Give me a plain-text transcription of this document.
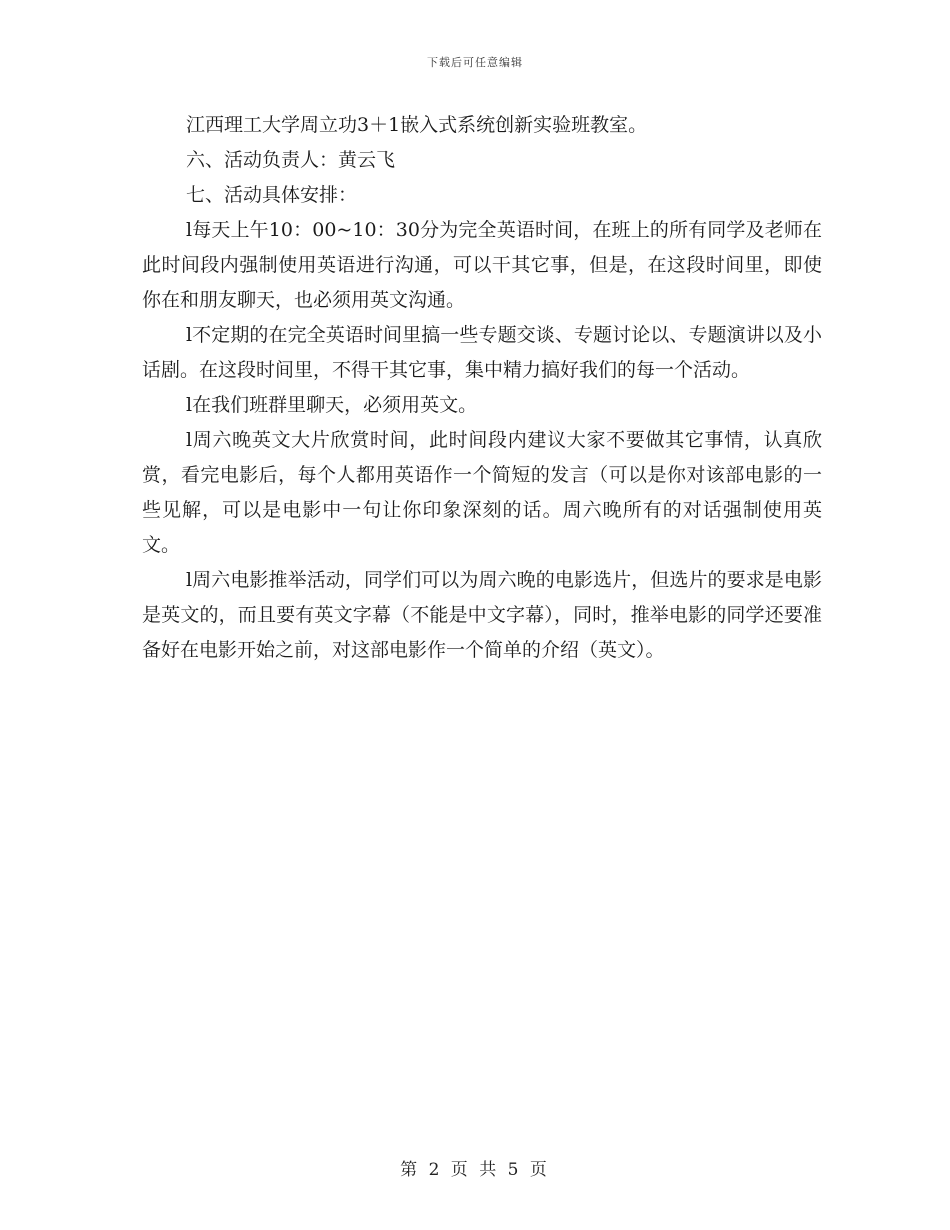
下载后可任意编辑

江西理工大学周立功3＋1嵌入式系统创新实验班教室。

六、活动负责人：黄云飞

七、活动具体安排：

l每天上午10：00~10：30分为完全英语时间，在班上的所有同学及老师在此时间段内强制使用英语进行沟通，可以干其它事，但是，在这段时间里，即使你在和朋友聊天，也必须用英文沟通。

l不定期的在完全英语时间里搞一些专题交谈、专题讨论以、专题演讲以及小话剧。在这段时间里，不得干其它事，集中精力搞好我们的每一个活动。

l在我们班群里聊天，必须用英文。

l周六晚英文大片欣赏时间，此时间段内建议大家不要做其它事情，认真欣赏，看完电影后，每个人都用英语作一个简短的发言（可以是你对该部电影的一些见解，可以是电影中一句让你印象深刻的话。周六晚所有的对话强制使用英文。

l周六电影推举活动，同学们可以为周六晚的电影选片，但选片的要求是电影是英文的，而且要有英文字幕（不能是中文字幕），同时，推举电影的同学还要准备好在电影开始之前，对这部电影作一个简单的介绍（英文）。

第 2 页 共 5 页
